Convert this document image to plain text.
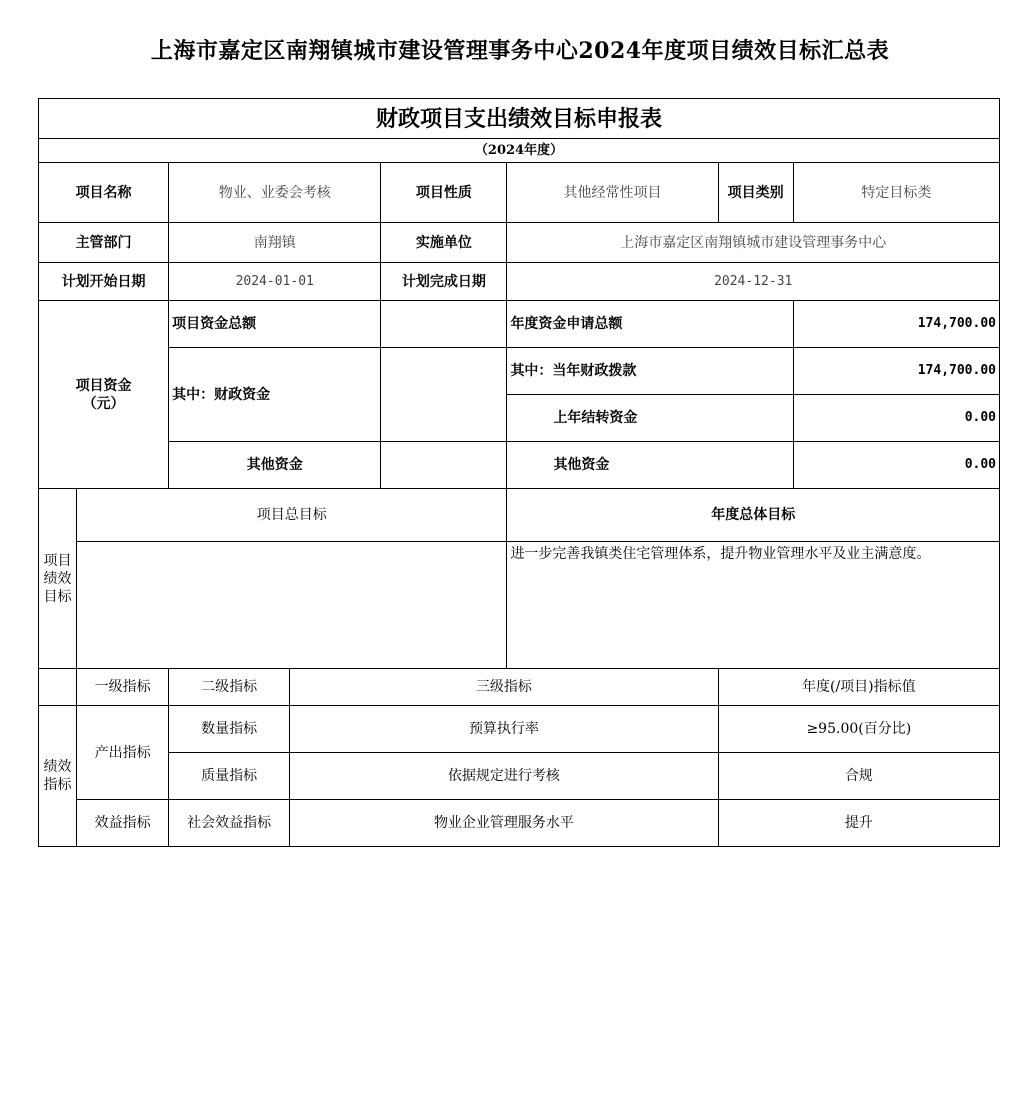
上海市嘉定区南翔镇城市建设管理事务中心2024年度项目绩效目标汇总表
财政项目支出绩效目标申报表							
（2024年度）							
项目名称		物业、业委会考核		项目性质	其他经常性项目	项目类别	特定目标类
主管部门		南翔镇		实施单位	上海市嘉定区南翔镇城市建设管理事务中心		
计划开始日期		2024-01-01		计划完成日期	2024-12-31		
项目资金
（元）		项目资金总额			年度资金申请总额		174,700.00
		其中：财政资金			其中：当年财政拨款		174,700.00
					上年结转资金		0.00
		其他资金			其他资金		0.00
项目绩效目标	项目总目标				年度总体目标		
					进一步完善我镇类住宅管理体系，提升物业管理水平及业主满意度。		
	一级指标	二级指标	三级指标			年度(/项目)指标值	
绩效指标	产出指标	数量指标	预算执行率			≥95.00(百分比)	
		质量指标	依据规定进行考核			合规	
	效益指标	社会效益指标	物业企业管理服务水平			提升	
